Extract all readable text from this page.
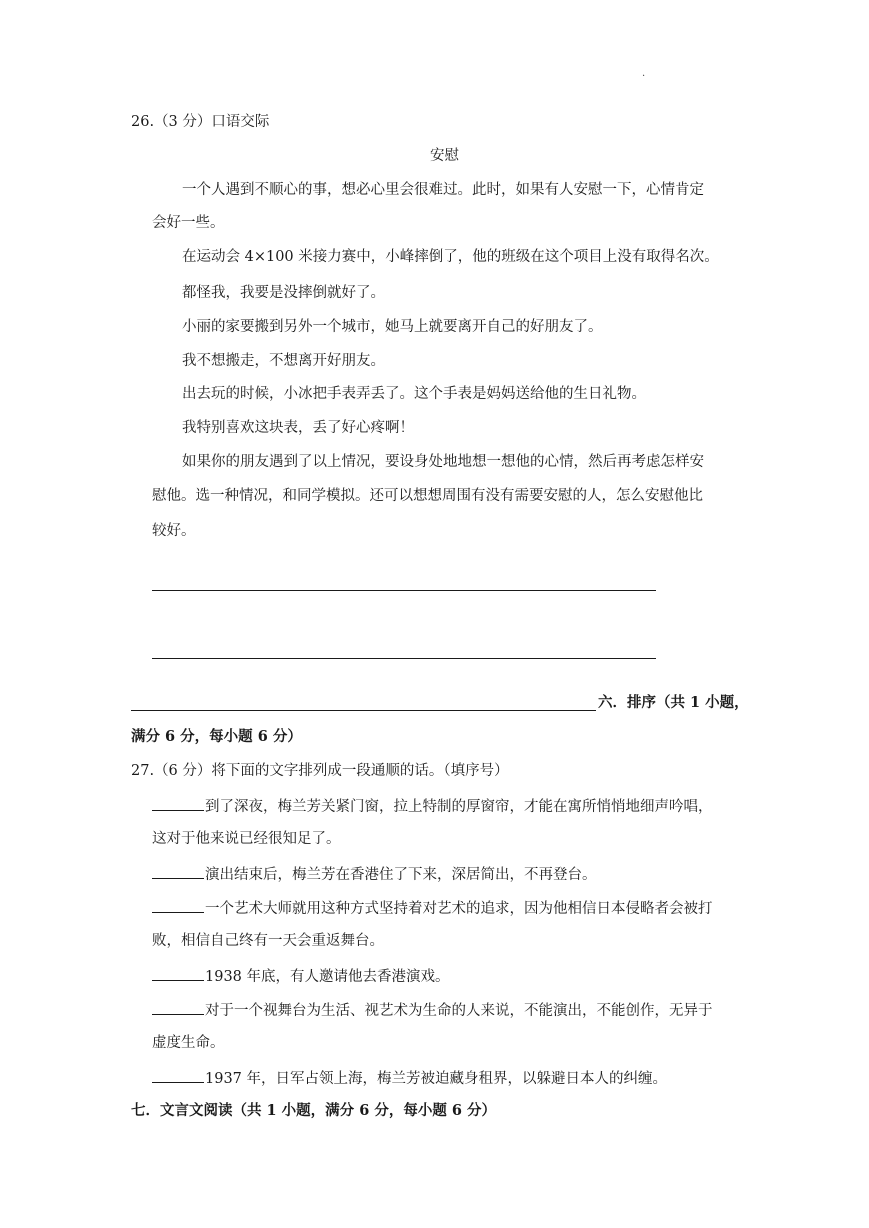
.
26.（3 分）口语交际
安慰
一个人遇到不顺心的事，想必心里会很难过。此时，如果有人安慰一下，心情肯定
会好一些。
在运动会 4×100 米接力赛中，小峰摔倒了，他的班级在这个项目上没有取得名次。
都怪我，我要是没摔倒就好了。
小丽的家要搬到另外一个城市，她马上就要离开自己的好朋友了。
我不想搬走，不想离开好朋友。
出去玩的时候，小冰把手表弄丢了。这个手表是妈妈送给他的生日礼物。
我特别喜欢这块表，丢了好心疼啊！
如果你的朋友遇到了以上情况，要设身处地地想一想他的心情，然后再考虑怎样安
慰他。选一种情况，和同学模拟。还可以想想周围有没有需要安慰的人，怎么安慰他比
较好。
六．排序（共 1 小题，
满分 6 分，每小题 6 分）
27.（6 分）将下面的文字排列成一段通顺的话。（填序号）
到了深夜，梅兰芳关紧门窗，拉上特制的厚窗帘，才能在寓所悄悄地细声吟唱，
这对于他来说已经很知足了。
演出结束后，梅兰芳在香港住了下来，深居简出，不再登台。
一个艺术大师就用这种方式坚持着对艺术的追求，因为他相信日本侵略者会被打
败，相信自己终有一天会重返舞台。
1938 年底，有人邀请他去香港演戏。
对于一个视舞台为生活、视艺术为生命的人来说，不能演出，不能创作，无异于
虚度生命。
1937 年，日军占领上海，梅兰芳被迫藏身租界，以躲避日本人的纠缠。
七．文言文阅读（共 1 小题，满分 6 分，每小题 6 分）
